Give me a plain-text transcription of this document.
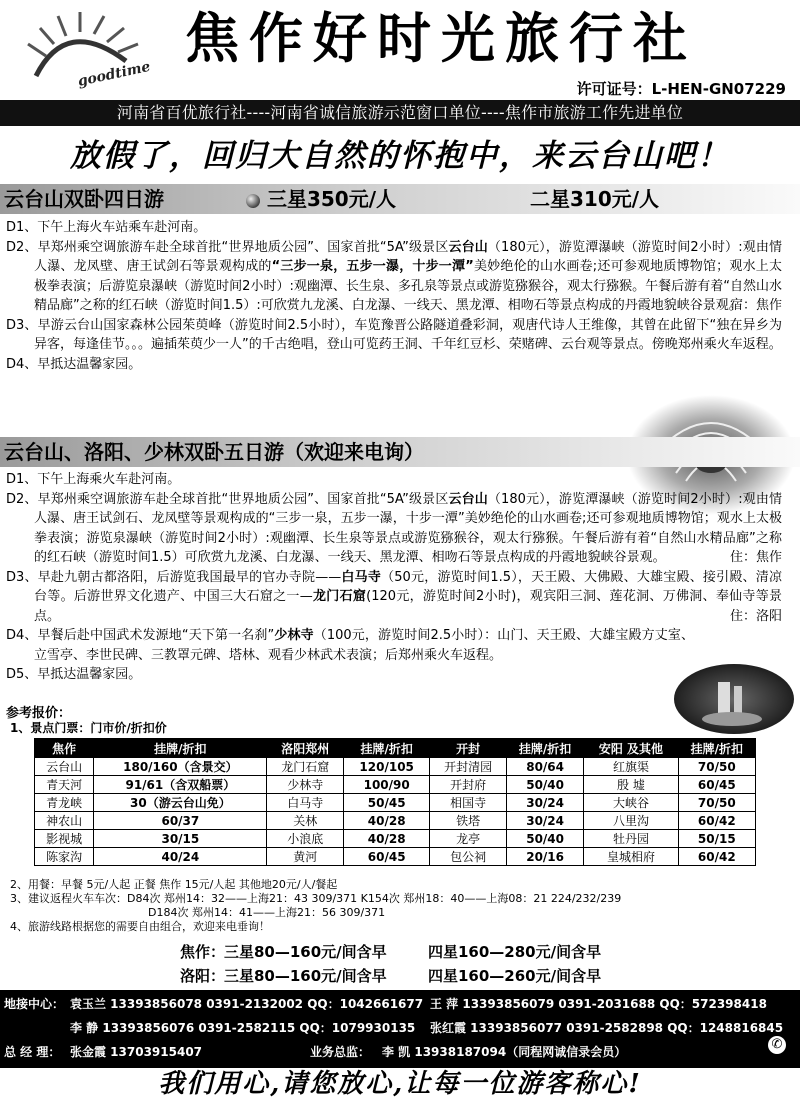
goodtime
焦作好时光旅行社
许可证号：L-HEN-GN07229
河南省百优旅行社----河南省诚信旅游示范窗口单位----焦作市旅游工作先进单位
放假了，回归大自然的怀抱中，来云台山吧！
云台山双卧四日游	三星350元/人	二星310元/人

D1、下午上海火车站乘车赴河南。

D2、早郑州乘空调旅游车赴全球首批“世界地质公园”、国家首批“5A”级景区云台山（180元），游览潭瀑峡（游览时间2小时）:观由情人瀑、龙凤壁、唐王试剑石等景观构成的“三步一泉，五步一瀑，十步一潭”美妙绝伦的山水画卷;还可参观地质博物馆；观水上太极拳表演；后游览泉瀑峡（游览时间2小时）:观幽潭、长生泉、多孔泉等景点或游览猕猴谷，观太行猕猴。午餐后游有着“自然山水精品廊”之称的红石峡（游览时间1.5）:可欣赏九龙溪、白龙瀑、一线天、黑龙潭、相吻石等景点构成的丹霞地貌峡谷景观。
宿：焦作

D3、早游云台山国家森林公园茱萸峰（游览时间2.5小时），车览豫晋公路隧道叠彩洞，观唐代诗人王维像，其曾在此留下“独在异乡为异客，每逢佳节。。。遍插茱萸少一人”的千古绝唱，登山可览药王洞、千年红豆杉、荣赌碑、云台观等景点。傍晚郑州乘火车返程。

D4、早抵达温馨家园。

云台山、洛阳、少林双卧五日游（欢迎来电询）

D1、下午上海乘火车赴河南。

D2、早郑州乘空调旅游车赴全球首批“世界地质公园”、国家首批“5A”级景区云台山（180元），游览潭瀑峡（游览时间2小时）:观由情人瀑、唐王试剑石、龙凤壁等景观构成的“三步一泉，五步一瀑，十步一潭”美妙绝伦的山水画卷;还可参观地质博物馆；观水上太极拳表演；游览泉瀑峡（游览时间2小时）:观幽潭、长生泉等景点或游览猕猴谷，观太行猕猴。午餐后游有着“自然山水精品廊”之称的红石峡（游览时间1.5）可欣赏九龙溪、白龙瀑、一线天、黑龙潭、相吻石等景点构成的丹霞地貌峡谷景观。	住：焦作

D3、早赴九朝古都洛阳，后游览我国最早的官办寺院——白马寺（50元，游览时间1.5），天王殿、大佛殿、大雄宝殿、接引殿、清凉台等。后游世界文化遗产、中国三大石窟之一—龙门石窟(120元，游览时间2小时)，观宾阳三洞、莲花洞、万佛洞、奉仙寺等景点。	住：洛阳

D4、早餐后赴中国武术发源地“天下第一名刹”少林寺（100元，游览时间2.5小时）：山门、天王殿、大雄宝殿方丈室、立雪亭、李世民碑、三教罩元碑、塔林、观看少林武术表演；后郑州乘火车返程。

D5、早抵达温馨家园。

参考报价：
1、景点门票：门市价/折扣价
焦作	挂牌/折扣	洛阳郑州	挂牌/折扣	开封	挂牌/折扣	安阳 及其他	挂牌/折扣
云台山	180/160（含景交）	龙门石窟	120/105	开封清园	80/64	红旗渠	70/50
青天河	91/61（含双船票）	少林寺	100/90	开封府	50/40	殷 墟	60/45
青龙峡	30（游云台山免）	白马寺	50/45	相国寺	30/24	大峡谷	70/50
神农山	60/37	关林	40/28	铁塔	30/24	八里沟	60/42
影视城	30/15	小浪底	40/28	龙亭	50/40	牡丹园	50/15
陈家沟	40/24	黄河	60/45	包公祠	20/16	皇城相府	60/42
2、用餐：早餐 5元/人起 正餐 焦作 15元/人起 其他地20元/人/餐起
3、建议返程火车车次：D84次 郑州14：32——上海21：43 309/371 K154次 郑州18：40——上海08：21 224/232/239
D184次 郑州14：41——上海21：56 309/371
4、旅游线路根据您的需要自由组合，欢迎来电垂询！
焦作：
三星80—160元/间含早	四星160—280元/间含早
洛阳：
三星80—160元/间含早	四星160—260元/间含早
地接中心： 袁玉兰 13393856078 0391-2132002 QQ：1042661677 王 萍 13393856079 0391-2031688 QQ：572398418
李 静 13393856076 0391-2582115 QQ：1079930135 张红霞 13393856077 0391-2582898 QQ：1248816845
总 经 理： 张金霞 13703915407	业务总监： 李 凯 13938187094（同程网诚信录会员）	✆
我们用心,请您放心,让每一位游客称心!
